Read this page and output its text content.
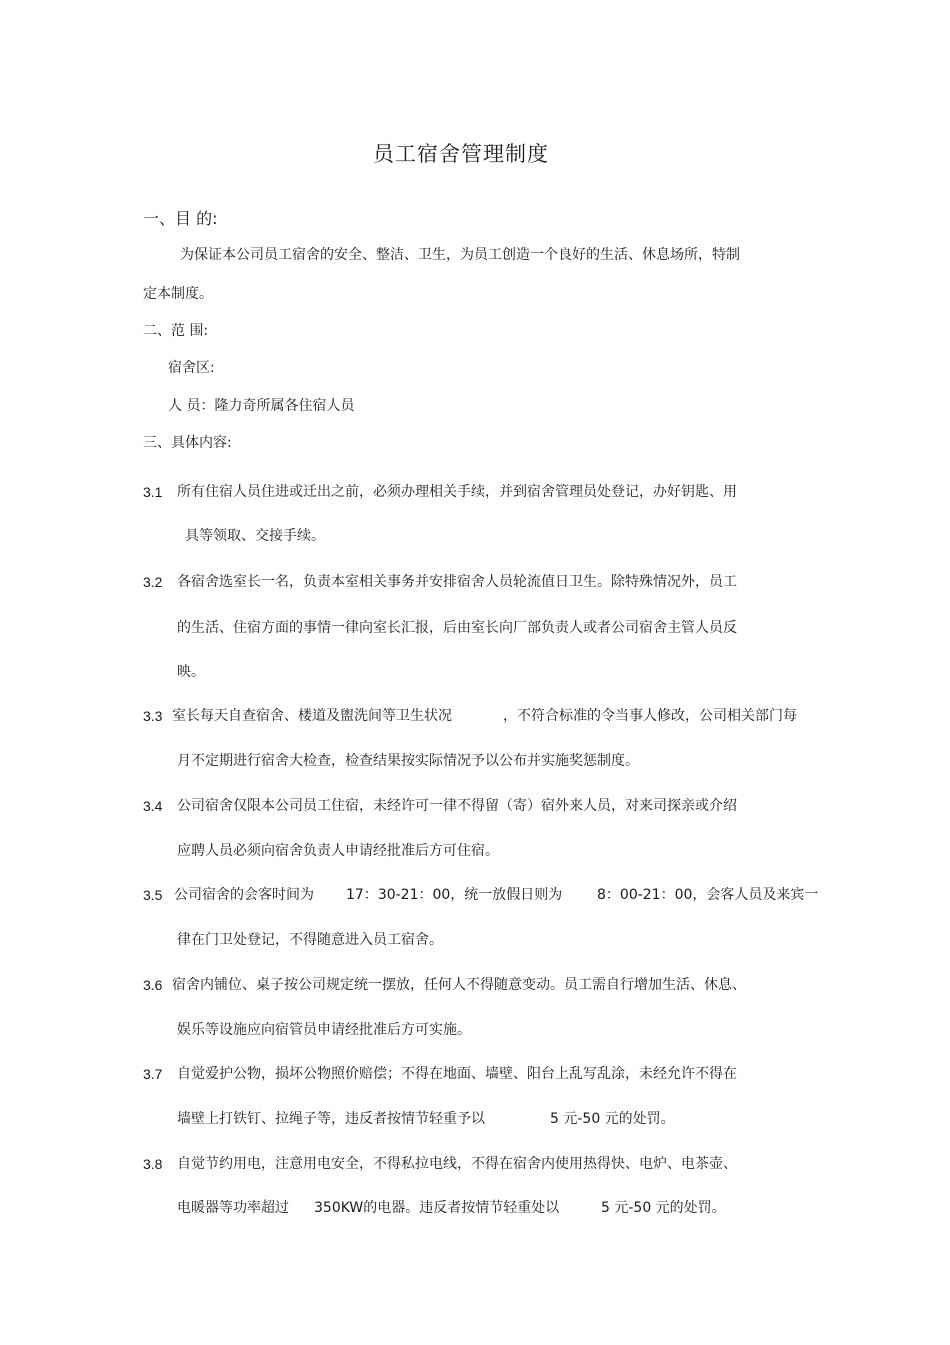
员工宿舍管理制度
一、目 的:
为保证本公司员工宿舍的安全、整洁、卫生，为员工创造一个良好的生活、休息场所，特制
定本制度。
二、范 围:
宿舍区:
人 员：隆力奇所属各住宿人员
三、具体内容:
3.1 所有住宿人员住进或迁出之前，必须办理相关手续，并到宿舍管理员处登记，办好钥匙、用
具等领取、交接手续。
3.2 各宿舍选室长一名，负责本室相关事务并安排宿舍人员轮流值日卫生。除特殊情况外，员工
的生活、住宿方面的事情一律向室长汇报，后由室长向厂部负责人或者公司宿舍主管人员反
映。
3.3 室长每天自查宿舍、楼道及盥洗间等卫生状况	，不符合标准的令当事人修改，公司相关部门每
月不定期进行宿舍大检查，检查结果按实际情况予以公布并实施奖惩制度。
3.4 公司宿舍仅限本公司员工住宿，未经许可一律不得留（寄）宿外来人员，对来司探亲或介绍
应聘人员必须向宿舍负责人申请经批准后方可住宿。
3.5 公司宿舍的会客时间为 17：30-21：00，统一放假日则为 8：00-21：00，会客人员及来宾一
律在门卫处登记，不得随意进入员工宿舍。
3.6 宿舍内铺位、桌子按公司规定统一摆放，任何人不得随意变动。员工需自行增加生活、休息、
娱乐等设施应向宿管员申请经批准后方可实施。
3.7 自觉爱护公物，损坏公物照价赔偿；不得在地面、墙壁、阳台上乱写乱涂，未经允许不得在
墙壁上打铁钉、拉绳子等，违反者按情节轻重予以	5 元-50 元的处罚。
3.8 自觉节约用电，注意用电安全，不得私拉电线，不得在宿舍内使用热得快、电炉、电茶壶、
电暖器等功率超过 350KW的电器。违反者按情节轻重处以	5 元-50 元的处罚。
